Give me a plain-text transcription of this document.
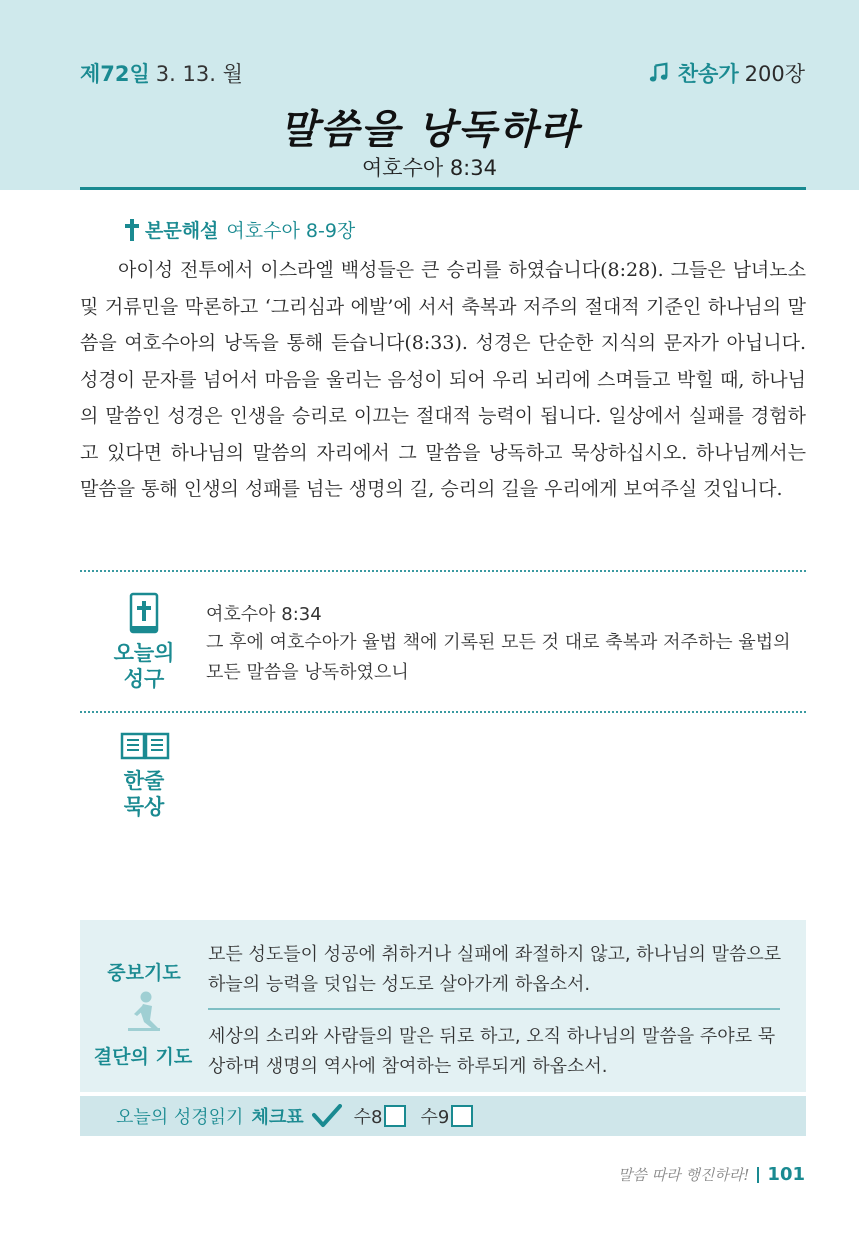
제72일 3. 13. 월	찬송가 200장
말씀을 낭독하라
여호수아 8:34
본문해설 여호수아 8-9장
아이성 전투에서 이스라엘 백성들은 큰 승리를 하였습니다(8:28). 그들은 남녀노소 및 거류민을 막론하고 ‘그리심과 에발’에 서서 축복과 저주의 절대적 기준인 하나님의 말씀을 여호수아의 낭독을 통해 듣습니다(8:33). 성경은 단순한 지식의 문자가 아닙니다. 성경이 문자를 넘어서 마음을 울리는 음성이 되어 우리 뇌리에 스며들고 박힐 때, 하나님의 말씀인 성경은 인생을 승리로 이끄는 절대적 능력이 됩니다. 일상에서 실패를 경험하고 있다면 하나님의 말씀의 자리에서 그 말씀을 낭독하고 묵상하십시오. 하나님께서는 말씀을 통해 인생의 성패를 넘는 생명의 길, 승리의 길을 우리에게 보여주실 것입니다.
오늘의
성구
여호수아 8:34
그 후에 여호수아가 율법 책에 기록된 모든 것 대로 축복과 저주하는 율법의 모든 말씀을 낭독하였으니
한줄
묵상
중보기도
결단의 기도
모든 성도들이 성공에 취하거나 실패에 좌절하지 않고, 하나님의 말씀으로 하늘의 능력을 덧입는 성도로 살아가게 하옵소서.
세상의 소리와 사람들의 말은 뒤로 하고, 오직 하나님의 말씀을 주야로 묵상하며 생명의 역사에 참여하는 하루되게 하옵소서.
오늘의 성경읽기 체크표	수8 수9
말씀 따라 행진하라! 101
